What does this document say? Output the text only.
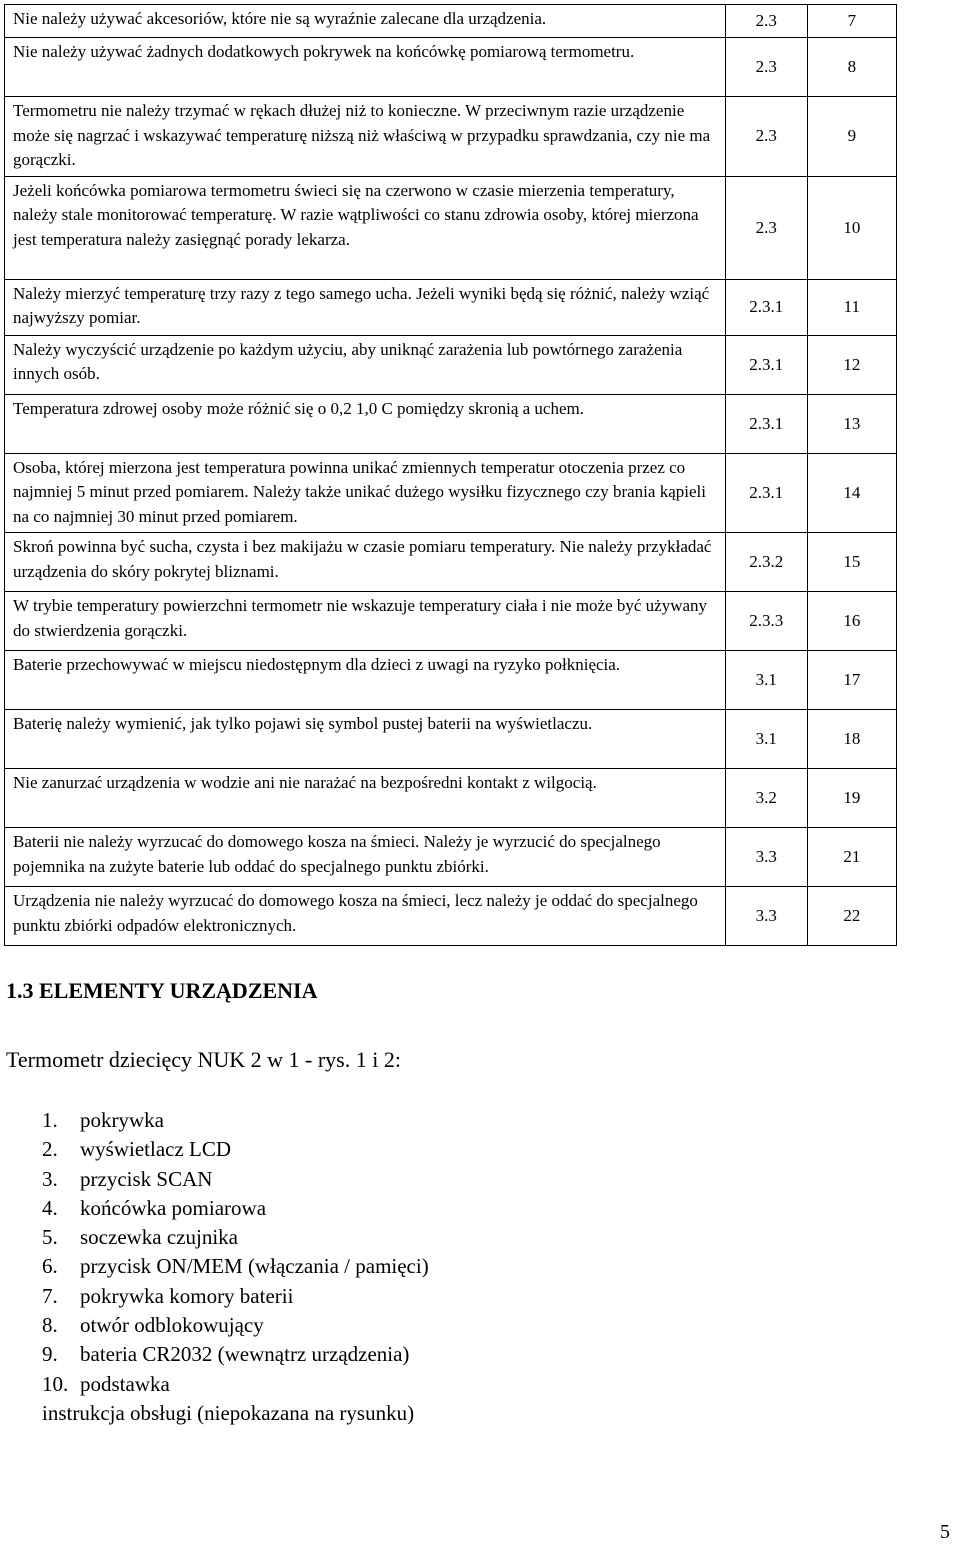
Nie należy używać akcesoriów, które nie są wyraźnie zalecane dla urządzenia.	2.3	7
Nie należy używać żadnych dodatkowych pokrywek na końcówkę pomiarową termometru.	2.3	8
Termometru nie należy trzymać w rękach dłużej niż to konieczne. W przeciwnym razie urządzenie może się nagrzać i wskazywać temperaturę niższą niż właściwą w przypadku sprawdzania, czy nie ma gorączki.	2.3	9
Jeżeli końcówka pomiarowa termometru świeci się na czerwono w czasie mierzenia temperatury, należy stale monitorować temperaturę. W razie wątpliwości co stanu zdrowia osoby, której mierzona jest temperatura należy zasięgnąć porady lekarza.	2.3	10
Należy mierzyć temperaturę trzy razy z tego samego ucha. Jeżeli wyniki będą się różnić, należy wziąć najwyższy pomiar.	2.3.1	11
Należy wyczyścić urządzenie po każdym użyciu, aby uniknąć zarażenia lub powtórnego zarażenia innych osób.	2.3.1	12
Temperatura zdrowej osoby może różnić się o 0,2 1,0 C pomiędzy skronią a uchem.	2.3.1	13
Osoba, której mierzona jest temperatura powinna unikać zmiennych temperatur otoczenia przez co najmniej 5 minut przed pomiarem. Należy także unikać dużego wysiłku fizycznego czy brania kąpieli na co najmniej 30 minut przed pomiarem.	2.3.1	14
Skroń powinna być sucha, czysta i bez makijażu w czasie pomiaru temperatury. Nie należy przykładać urządzenia do skóry pokrytej bliznami.	2.3.2	15
W trybie temperatury powierzchni termometr nie wskazuje temperatury ciała i nie może być używany do stwierdzenia gorączki.	2.3.3	16
Baterie przechowywać w miejscu niedostępnym dla dzieci z uwagi na ryzyko połknięcia.	3.1	17
Baterię należy wymienić, jak tylko pojawi się symbol pustej baterii na wyświetlaczu.	3.1	18
Nie zanurzać urządzenia w wodzie ani nie narażać na bezpośredni kontakt z wilgocią.	3.2	19
Baterii nie należy wyrzucać do domowego kosza na śmieci. Należy je wyrzucić do specjalnego pojemnika na zużyte baterie lub oddać do specjalnego punktu zbiórki.	3.3	21
Urządzenia nie należy wyrzucać do domowego kosza na śmieci, lecz należy je oddać do specjalnego punktu zbiórki odpadów elektronicznych.	3.3	22
1.3 ELEMENTY URZĄDZENIA

Termometr dziecięcy NUK 2 w 1 - rys. 1 i 2:

1. pokrywka
2. wyświetlacz LCD
3. przycisk SCAN
4. końcówka pomiarowa
5. soczewka czujnika
6. przycisk ON/MEM (włączania / pamięci)
7. pokrywka komory baterii
8. otwór odblokowujący
9. bateria CR2032 (wewnątrz urządzenia)
10. podstawka
instrukcja obsługi (niepokazana na rysunku)
5
